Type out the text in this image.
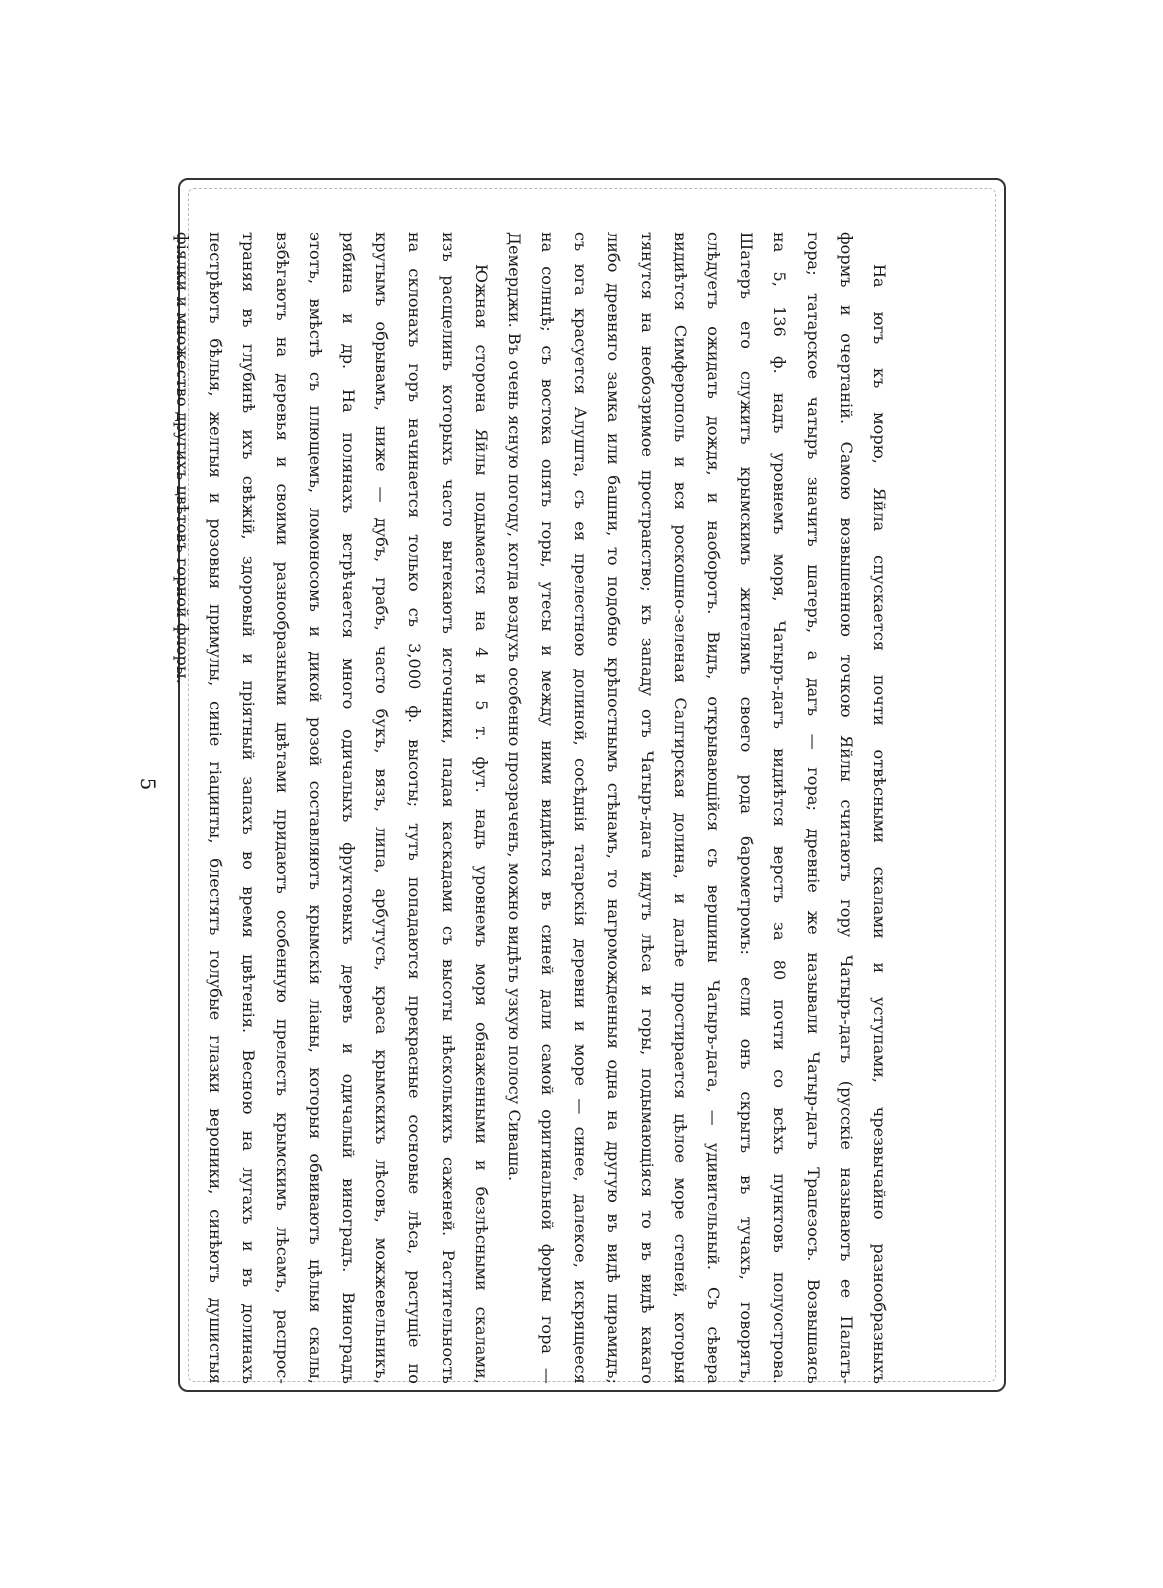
5	На югъ къ морю, Яйла спускается почти отвѣсными скалами и уступами, чрезвычайно разнообразныхъ
формъ и очертаній. Самою возвышенною точкою Яйлы считаютъ гору Чатыръ-дагъ (русскіе называютъ ее Палатъ-
гора; татарское чатыръ значитъ шатеръ, а дагъ — гора; древніе же называли Чатыр-дагъ Трапезосъ. Возвышаясь
на 5, 136 ф. надъ уровнемъ моря, Чатыръ-дагъ видиѣтся верстъ за 80 почти со всѣхъ пунктовъ полуострова.
Шатеръ его служитъ крымскимъ жителямъ своего рода барометромъ: если онъ скрытъ въ тучахъ, говорятъ,
слѣдуетъ ожидать дождя, и наоборотъ. Видъ, открывающійся съ вершины Чатыръ-дага, — удивительный. Съ сѣвера
видиѣтся Симферополь и вся роскошно-зеленая Салгирская долина, и далѣе простирается цѣлое море степей, которыя
тянутся на необозримое пространство; къ западу отъ Чатыръ-дага идутъ лѣса и горы, подымающіяся то въ видѣ какаго
либо древняго замка или башни, то подобно крѣпостнымъ стѣнамъ, то нагроможденныя одна на другую въ видѣ пирамидъ;
съ юга красуется Алушта, съ ея прелестною долиной, сосѣднія татарскія деревни и море — синее, далекое, искрящееся
на солнцѣ; съ востока опять горы, утесы и между ними видиѣтся въ синей дали самой оригинальной формы гора —
Демерджи. Въ очень ясную погоду, когда воздухъ особенно прозраченъ, можно видѣть узкую полосу Сиваша.
Южная сторона Яйлы подымается на 4 и 5 т. фут. надъ уровнемъ моря обнаженными и безлѣсными скалами,
изъ расщелинъ которыхъ часто вытекаютъ источники, падая каскадами съ высоты нѣсколькихъ саженей. Растительность
на склонахъ горъ начинается только съ 3,000 ф. высоты; тутъ попадаются прекрасные сосновые лѣса, растущіе по
крутымъ обрывамъ, ниже — дубъ, грабъ, часто букъ, вязъ, липа, арбутусъ, краса крымскихъ лѣсовъ, можжевельникъ,
рябина и др. На полянахъ встрѣчается много одичалыхъ фруктовыхъ деревъ и одичалый виноградъ. Виноградъ
этотъ, вмѣстѣ съ плющемъ, ломоносомъ и дикой розой составляютъ крымскія ліаны, которыя обвиваютъ цѣлыя скалы,
взбѣгаютъ на деревья и своими разнообразными цвѣтами придаютъ особенную прелесть крымскимъ лѣсамъ, распрос-
траняя въ глубинѣ ихъ свѣжій, здоровый и пріятный запахъ во время цвѣтенія. Весною на лугахъ и въ долинахъ
пестрѣютъ бѣлыя, желтыя и розовыя примулы, синіе гіацинты, блестятъ голубые глазки вероники, синѣютъ душистыя
фіялки и множество другихъ цвѣтовъ горной флоры.
